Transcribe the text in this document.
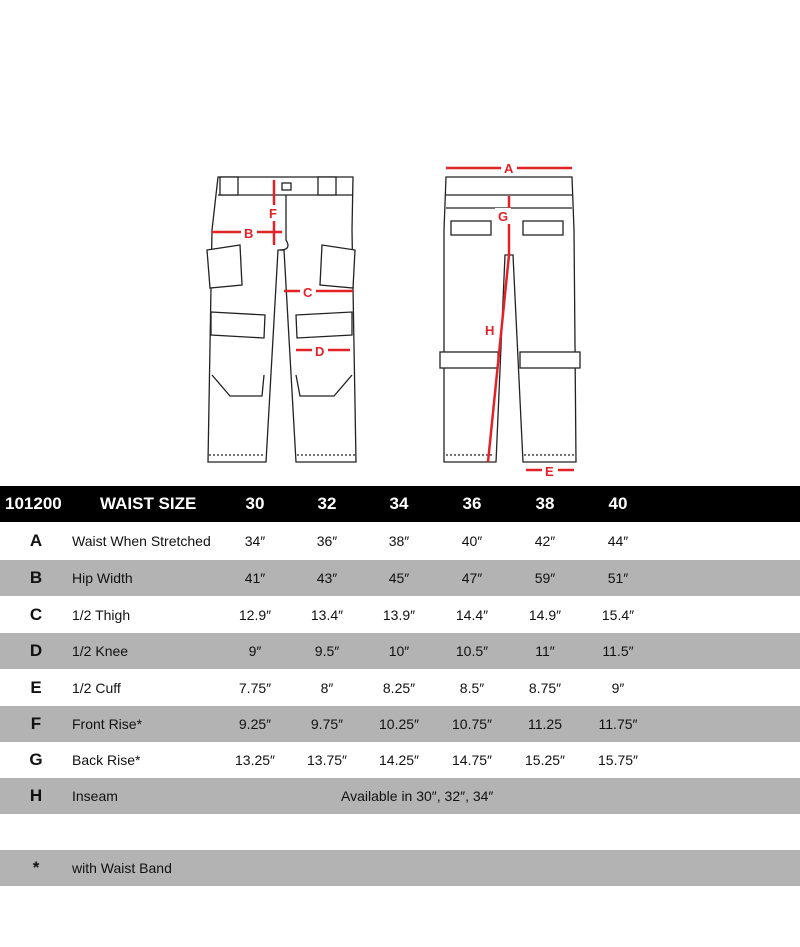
F
B
C
D
A
G
H
E
101200 WAIST SIZE	30	32	34	36	38	40
A	Waist When Stretched	34″	36″	38″	40″	42″	44″
B	Hip Width	41″	43″	45″	47″	59″	51″
C	1/2 Thigh	12.9″	13.4″	13.9″	14.4″	14.9″	15.4″
D	1/2 Knee	9″	9.5″	10″	10.5″	11″	11.5″
E	1/2 Cuff	7.75″	8″	8.25″	8.5″	8.75″	9″
F	Front Rise*	9.25″	9.75″	10.25″	10.75″	11.25	11.75″
G	Back Rise*	13.25″	13.75″	14.25″	14.75″	15.25″	15.75″
H	Inseam	Available in 30″, 32″, 34″
*	with Waist Band
